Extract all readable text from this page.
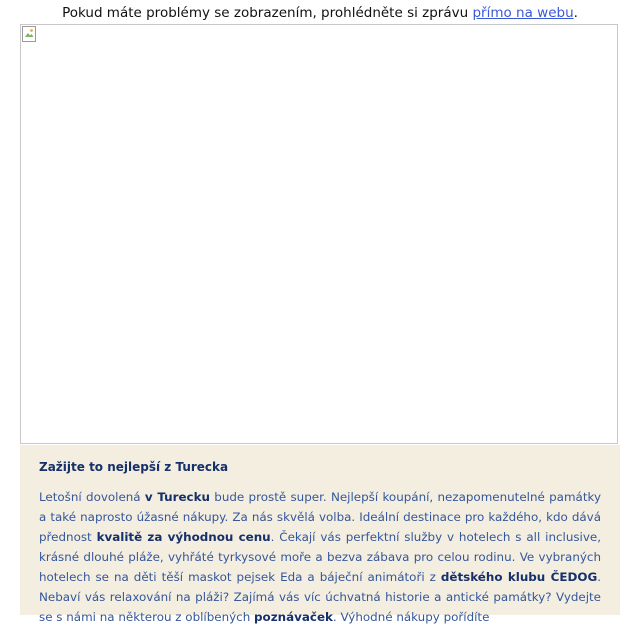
Pokud máte problémy se zobrazením, prohlédněte si zprávu přímo na webu.
Zažijte to nejlepší z Turecka

Letošní dovolená v Turecku bude prostě super. Nejlepší koupání, nezapomenutelné památky a také naprosto úžasné nákupy. Za nás skvělá volba. Ideální destinace pro každého, kdo dává přednost kvalitě za výhodnou cenu. Čekají vás perfektní služby v hotelech s all inclusive, krásné dlouhé pláže, vyhřáté tyrkysové moře a bezva zábava pro celou rodinu. Ve vybraných hotelech se na děti těší maskot pejsek Eda a báječní animátoři z dětského klubu ČEDOG. Nebaví vás relaxování na pláži? Zajímá vás víc úchvatná historie a antické památky? Vydejte se s námi na některou z oblíbených poznávaček. Výhodné nákupy pořídíte
